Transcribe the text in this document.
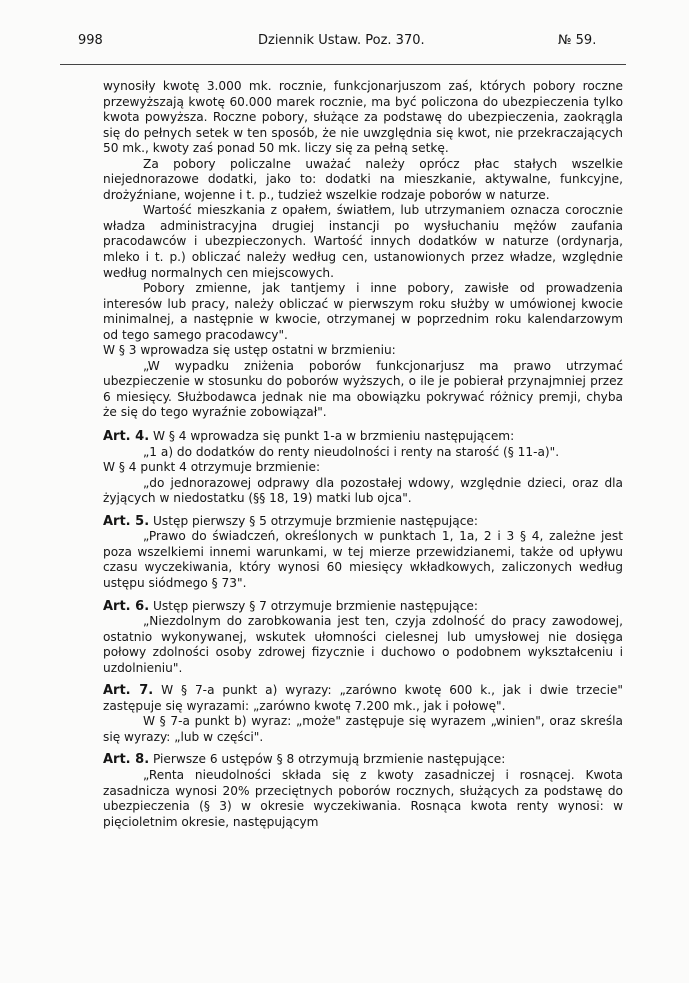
998	Dziennik Ustaw. Poz. 370.	№ 59.

wynosiły kwotę 3.000 mk. rocznie, funkcjonarjuszom zaś, których pobory roczne przewyższają kwotę 60.000 marek rocznie, ma być policzona do ubezpieczenia tylko kwota powyższa. Roczne pobory, służące za podstawę do ubezpieczenia, zaokrągla się do pełnych setek w ten sposób, że nie uwzględnia się kwot, nie przekraczających 50 mk., kwoty zaś ponad 50 mk. liczy się za pełną setkę.

Za pobory policzalne uważać należy oprócz płac stałych wszelkie niejednorazowe dodatki, jako to: dodatki na mieszkanie, aktywalne, funkcyjne, drożyźniane, wojenne i t. p., tudzież wszelkie rodzaje poborów w naturze.

Wartość mieszkania z opałem, światłem, lub utrzymaniem oznacza corocznie władza administracyjna drugiej instancji po wysłuchaniu mężów zaufania pracodawców i ubezpieczonych. Wartość innych dodatków w naturze (ordynarja, mleko i t. p.) obliczać należy według cen, ustanowionych przez władze, względnie według normalnych cen miejscowych.

Pobory zmienne, jak tantjemy i inne pobory, zawisłe od prowadzenia interesów lub pracy, należy obliczać w pierwszym roku służby w umówionej kwocie minimalnej, a następnie w kwocie, otrzymanej w poprzednim roku kalendarzowym od tego samego pracodawcy".

W § 3 wprowadza się ustęp ostatni w brzmieniu:

„W wypadku zniżenia poborów funkcjonarjusz ma prawo utrzymać ubezpieczenie w stosunku do poborów wyższych, o ile je pobierał przynajmniej przez 6 miesięcy. Służbodawca jednak nie ma obowiązku pokrywać różnicy premji, chyba że się do tego wyraźnie zobowiązał".

Art. 4. W § 4 wprowadza się punkt 1-a w brzmieniu następującem:

„1 a) do dodatków do renty nieudolności i renty na starość (§ 11-a)".

W § 4 punkt 4 otrzymuje brzmienie:

„do jednorazowej odprawy dla pozostałej wdowy, względnie dzieci, oraz dla żyjących w niedostatku (§§ 18, 19) matki lub ojca".

Art. 5. Ustęp pierwszy § 5 otrzymuje brzmienie następujące:

„Prawo do świadczeń, określonych w punktach 1, 1a, 2 i 3 § 4, zależne jest poza wszelkiemi innemi warunkami, w tej mierze przewidzianemi, także od upływu czasu wyczekiwania, który wynosi 60 miesięcy wkładkowych, zaliczonych według ustępu siódmego § 73".

Art. 6. Ustęp pierwszy § 7 otrzymuje brzmienie następujące:

„Niezdolnym do zarobkowania jest ten, czyja zdolność do pracy zawodowej, ostatnio wykonywanej, wskutek ułomności cielesnej lub umysłowej nie dosięga połowy zdolności osoby zdrowej fizycznie i duchowo o podobnem wykształceniu i uzdolnieniu".

Art. 7. W § 7-a punkt a) wyrazy: „zarówno kwotę 600 k., jak i dwie trzecie" zastępuje się wyrazami: „zarówno kwotę 7.200 mk., jak i połowę".

W § 7-a punkt b) wyraz: „może" zastępuje się wyrazem „winien", oraz skreśla się wyrazy: „lub w części".

Art. 8. Pierwsze 6 ustępów § 8 otrzymują brzmienie następujące:

„Renta nieudolności składa się z kwoty zasadniczej i rosnącej. Kwota zasadnicza wynosi 20% przeciętnych poborów rocznych, służących za podstawę do ubezpieczenia (§ 3) w okresie wyczekiwania. Rosnąca kwota renty wynosi: w pięcioletnim okresie, następującym
